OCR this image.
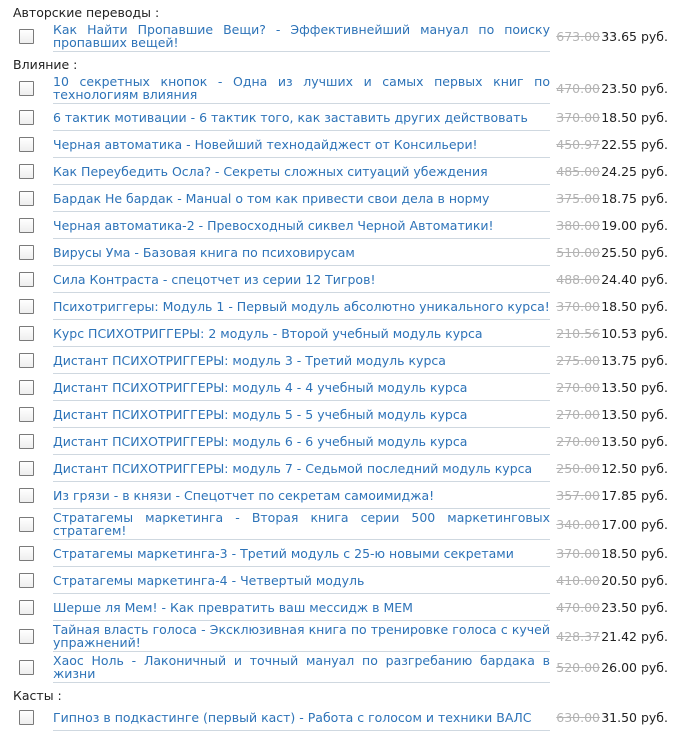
Авторские переводы :
Как Найти Пропавшие Вещи? - Эффективнейший мануал по поиску пропавших вещей!	673.00 33.65 руб.
Влияние :
10 секретных кнопок - Одна из лучших и самых первых книг по технологиям влияния	470.00 23.50 руб.
6 тактик мотивации - 6 тактик того, как заставить других действовать	370.00 18.50 руб.
Черная автоматика - Новейший технодайджест от Консильери!	450.97 22.55 руб.
Как Переубедить Осла? - Секреты сложных ситуаций убеждения	485.00 24.25 руб.
Бардак Не бардак - Манual о том как привести свои дела в норму	375.00 18.75 руб.
Черная автоматика-2 - Превосходный сиквел Черной Автоматики!	380.00 19.00 руб.
Вирусы Ума - Базовая книга по психовирусам	510.00 25.50 руб.
Сила Контраста - спецотчет из серии 12 Тигров!	488.00 24.40 руб.
Психотриггеры: Модуль 1 - Первый модуль абсолютно уникального курса! 370.00 18.50 руб.
Курс ПСИХОТРИГГЕРЫ: 2 модуль - Второй учебный модуль курса	210.56 10.53 руб.
Дистант ПСИХОТРИГГЕРЫ: модуль 3 - Третий модуль курса	275.00 13.75 руб.
Дистант ПСИХОТРИГГЕРЫ: модуль 4 - 4 учебный модуль курса	270.00 13.50 руб.
Дистант ПСИХОТРИГГЕРЫ: модуль 5 - 5 учебный модуль курса	270.00 13.50 руб.
Дистант ПСИХОТРИГГЕРЫ: модуль 6 - 6 учебный модуль курса	270.00 13.50 руб.
Дистант ПСИХОТРИГГЕРЫ: модуль 7 - Седьмой последний модуль курса	250.00 12.50 руб.
Из грязи - в князи - Спецотчет по секретам самоимиджа!	357.00 17.85 руб.
Стратагемы маркетинга - Вторая книга серии 500 маркетинговых стратагем!	340.00 17.00 руб.
Стратагемы маркетинга-3 - Третий модуль с 25-ю новыми секретами	370.00 18.50 руб.
Стратагемы маркетинга-4 - Четвертый модуль	410.00 20.50 руб.
Шерше ля Мем! - Как превратить ваш мессидж в МЕМ	470.00 23.50 руб.
Тайная власть голоса - Эксклюзивная книга по тренировке голоса с кучей упражнений!	428.37 21.42 руб.
Хаос Ноль - Лаконичный и точный мануал по разгребанию бардака в жизни	520.00 26.00 руб.
Касты :
Гипноз в подкастинге (первый каст) - Работа с голосом и техники ВАЛС	630.00 31.50 руб.
